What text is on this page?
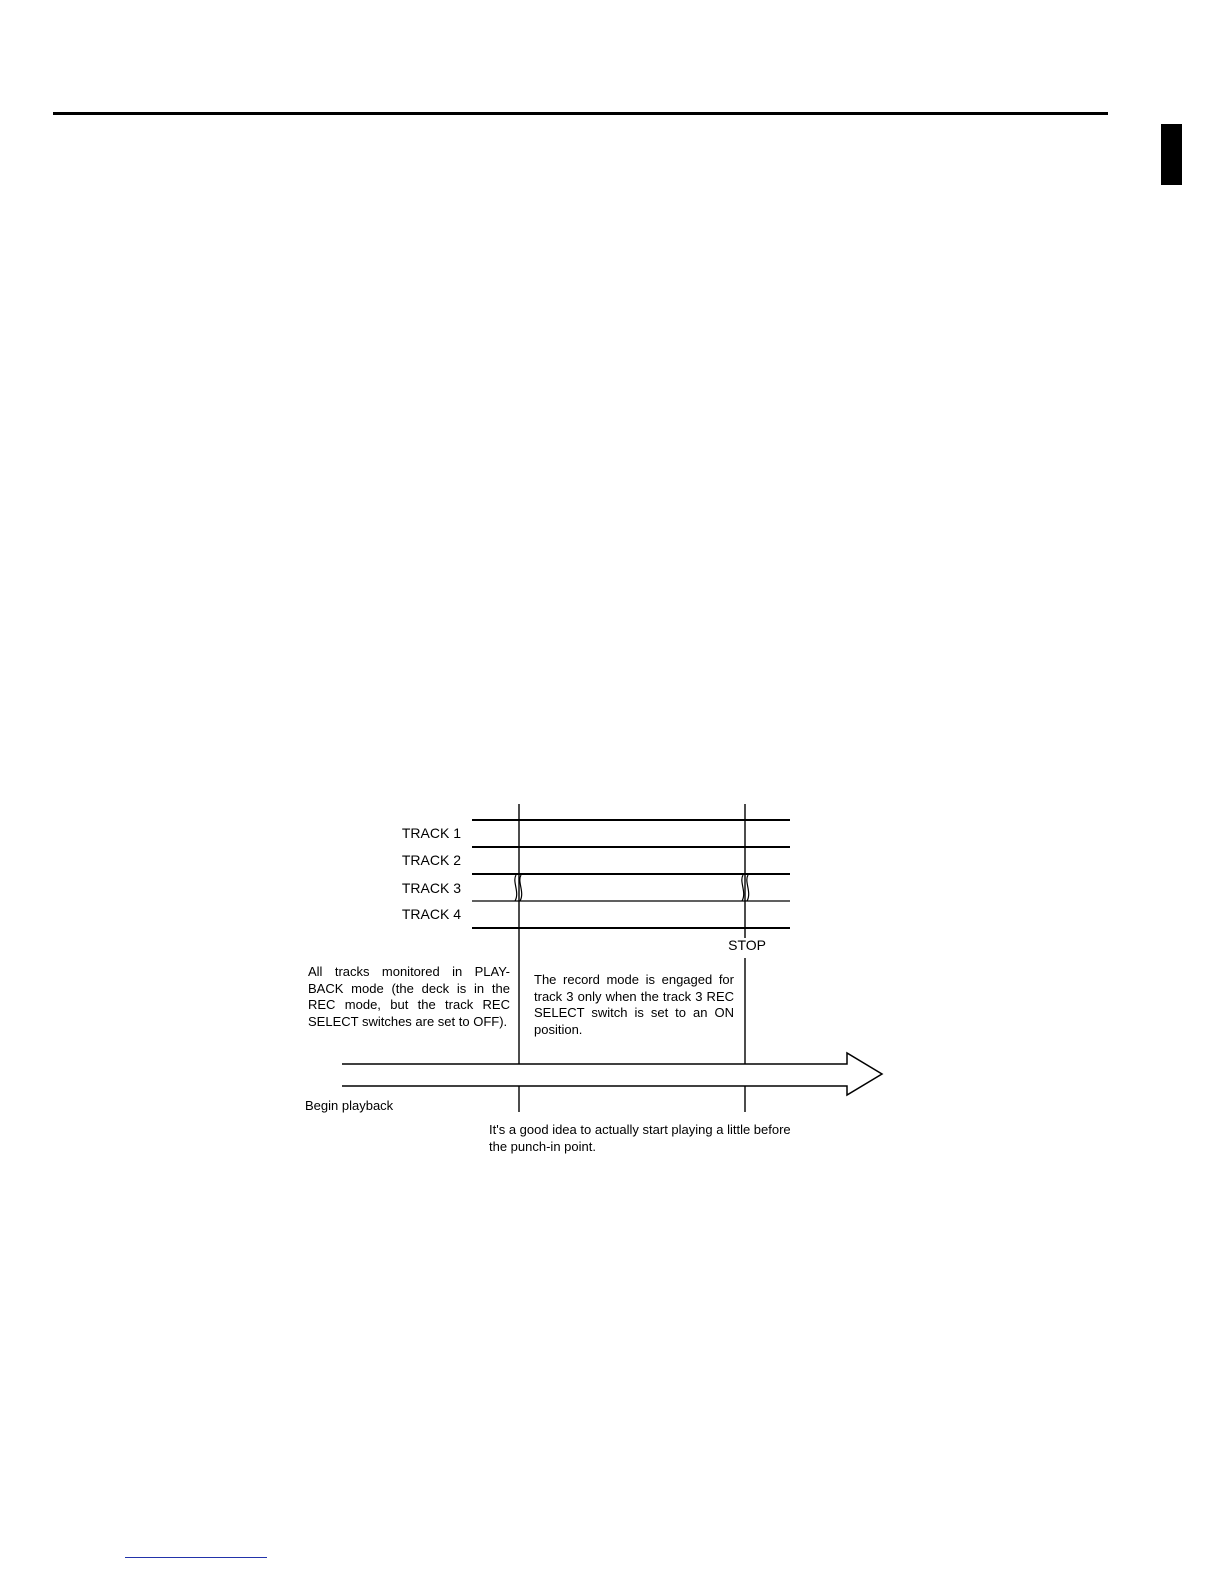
TRACK 1
TRACK 2
TRACK 3
TRACK 4
STOP
All tracks monitored in PLAY-BACK mode (the deck is in the REC mode, but the track REC SELECT switches are set to OFF).
The record mode is engaged for track 3 only when the track 3 REC SELECT switch is set to an ON position.
Begin playback
It's a good idea to actually start playing a little before the punch-in point.
